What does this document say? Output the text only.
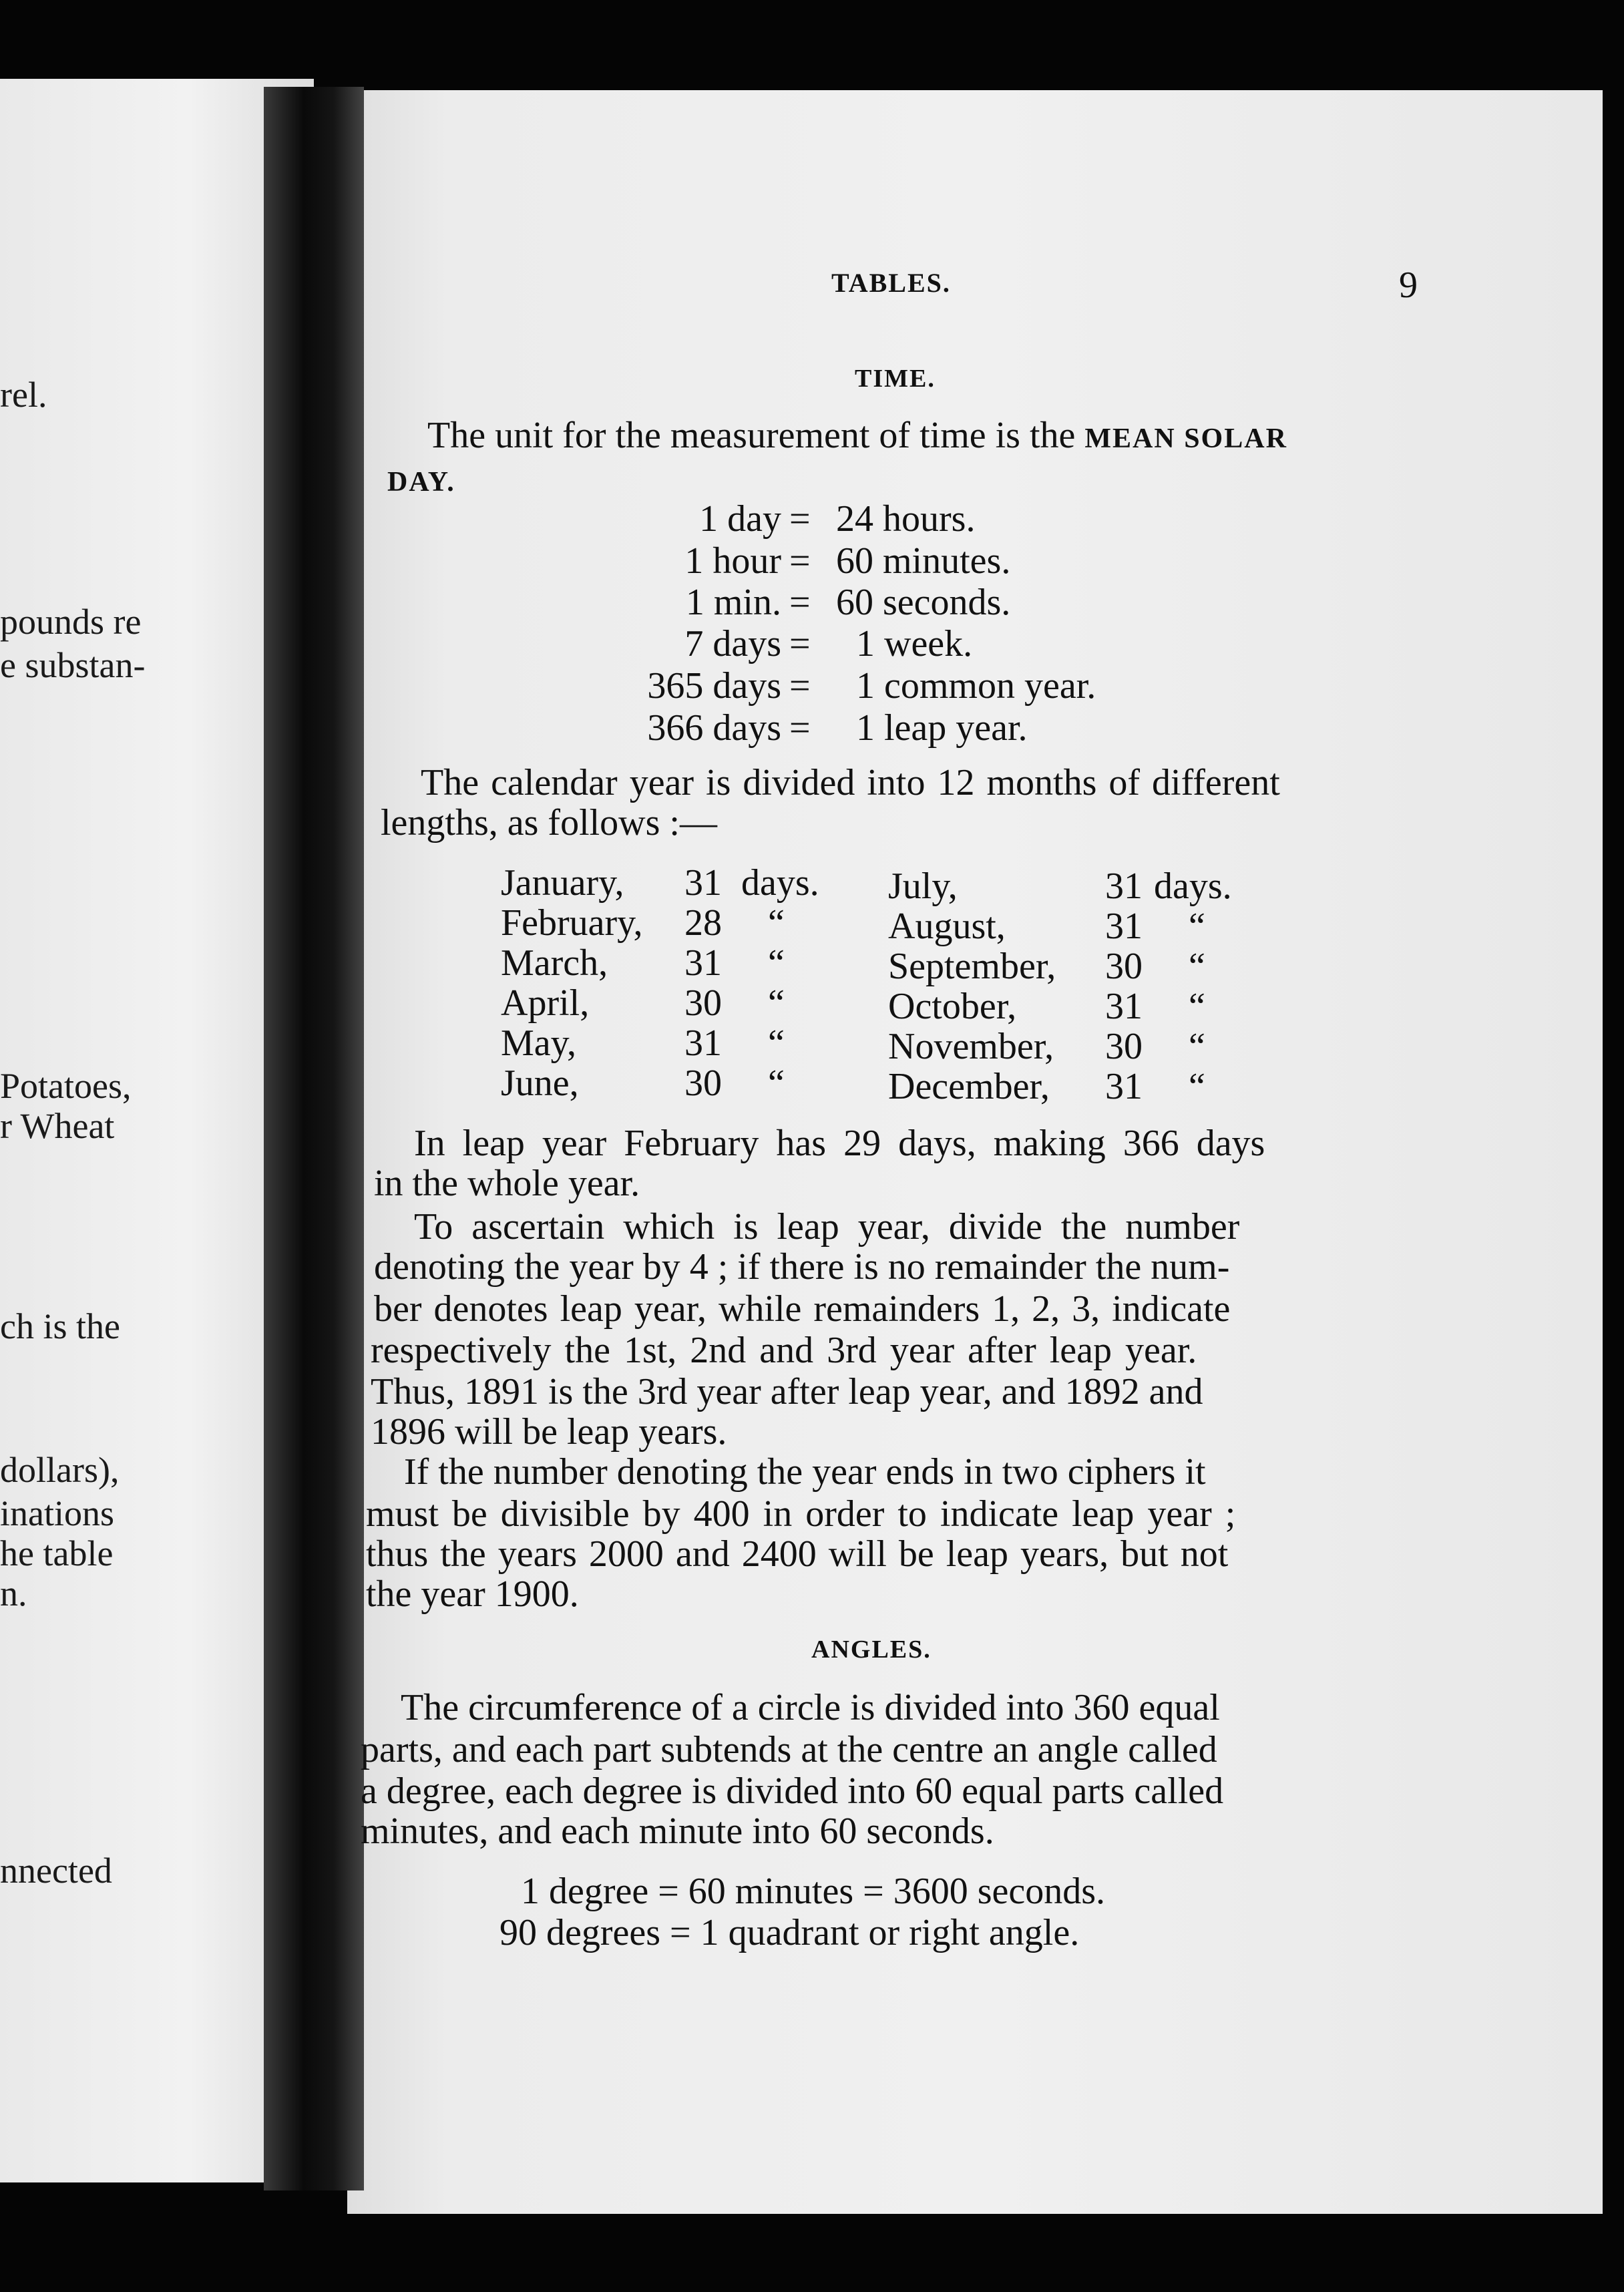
rel.
pounds re
e substan-
Potatoes,
r Wheat
ch is the
dollars),
inations
he table
n.
nnected
TABLES.	9
TIME.
The unit for the measurement of time is the MEAN SOLAR
DAY.
1 day = 24 hours.
1 hour = 60 minutes.
1 min. = 60 seconds.
7 days = 1 week.
365 days = 1 common year.
366 days = 1 leap year.
The calendar year is divided into 12 months of different
lengths, as follows :—
January, 31 days.
February, 28 “
March, 31 “
April,	30 “
May,	31 “
June,	30 “
July,	31 days.
August,	31 “
September, 30 “
October, 31 “
November, 30 “
December, 31 “
In leap year February has 29 days, making 366 days
in the whole year.
To ascertain which is leap year, divide the number
denoting the year by 4 ; if there is no remainder the num-
ber denotes leap year, while remainders 1, 2, 3, indicate
respectively the 1st, 2nd and 3rd year after leap year.
Thus, 1891 is the 3rd year after leap year, and 1892 and
1896 will be leap years.
If the number denoting the year ends in two ciphers it
must be divisible by 400 in order to indicate leap year ;
thus the years 2000 and 2400 will be leap years, but not
the year 1900.
ANGLES.
The circumference of a circle is divided into 360 equal
parts, and each part subtends at the centre an angle called
a degree, each degree is divided into 60 equal parts called
minutes, and each minute into 60 seconds.
1 degree = 60 minutes = 3600 seconds.
90 degrees = 1 quadrant or right angle.
